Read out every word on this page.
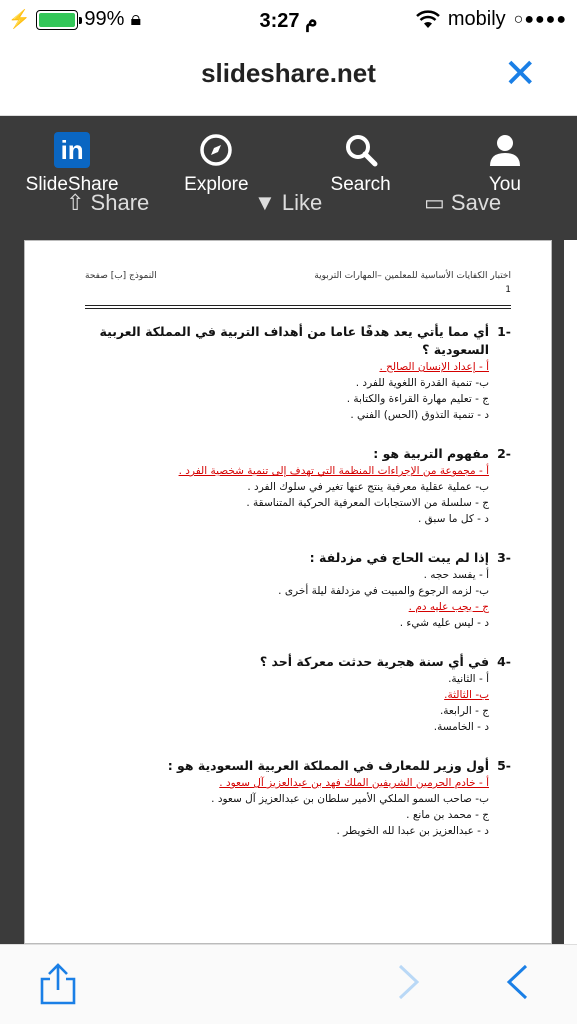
⚡	99% 🔒︎	3:27 م	mobily ○●●●●
slideshare.net	✕
in
SlideShare	Explore	Search	You
⇧ Share	▼ Like	▭ Save
اختبار الكفايات الأساسية للمعلمين –المهارات التربوية
النموذج [ب] صفحة
1
-1
أي مما يأتي يعد هدفًا عاما من أهداف التربية في المملكة العربية السعودية ؟
أ - إعداد الإنسان الصالح .
ب- تنمية القدرة اللغوية للفرد .
ج - تعليم مهارة القراءة والكتابة .
د - تنمية التذوق (الحس) الفني .
-2
مفهوم التربية هو :
أ - مجموعة من الإجراءات المنظمة التي تهدف إلى تنمية شخصية الفرد .
ب- عملية عقلية معرفية ينتج عنها تغير في سلوك الفرد .
ج - سلسلة من الاستجابات المعرفية الحركية المتناسقة .
د - كل ما سبق .
-3
إذا لم يبت الحاج في مزدلفة :
أ - يفسد حجه .
ب- لزمه الرجوع والمبيت في مزدلفة ليلة أخرى .
ج - يجب عليه دم .
د - ليس عليه شيء .
-4
في أي سنة هجرية حدثت معركة أحد ؟
أ - الثانية.
ب- الثالثة.
ج - الرابعة.
د - الخامسة.
-5
أول وزير للمعارف في المملكة العربية السعودية هو :
أ - خادم الحرمين الشريفين الملك فهد بن عبدالعزيز آل سعود .
ب- صاحب السمو الملكي الأمير سلطان بن عبدالعزيز آل سعود .
ج - محمد بن مانع .
د - عبدالعزيز بن عبدا لله الخويطر .
